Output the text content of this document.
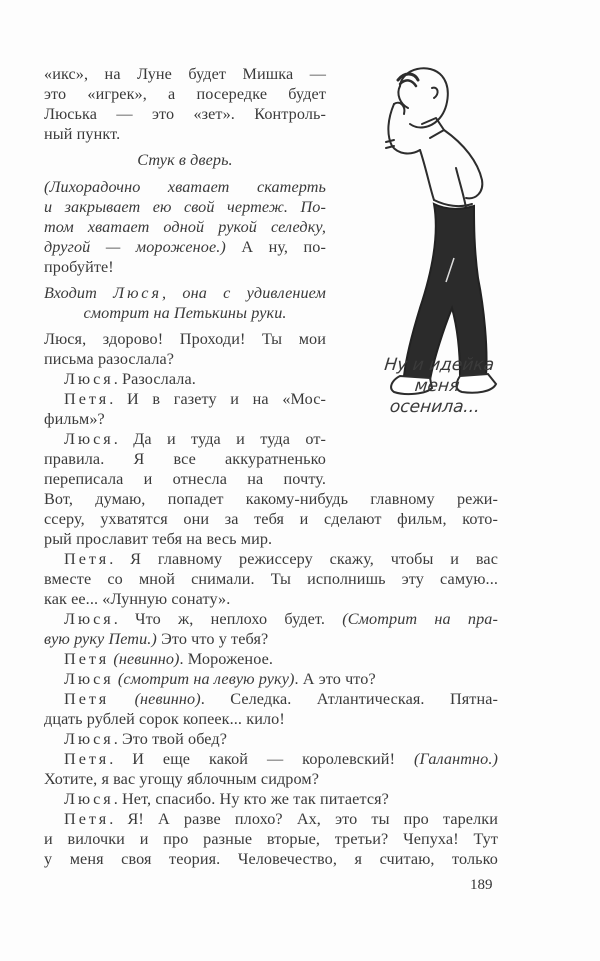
«икс», на Луне будет Мишка —
это «игрек», а посередке будет
Люська — это «зет». Контроль-
ный пункт.
Стук в дверь.
(Лихорадочно хватает скатерть
и закрывает ею свой чертеж. По-
том хватает одной рукой селедку,
другой — мороженое.) А ну, по-
пробуйте!
Входит Люся, она с удивлением
смотрит на Петькины руки.
Люся, здорово! Проходи! Ты мои
письма разослала?
Люся. Разослала.
Петя. И в газету и на «Мос-
фильм»?
Люся. Да и туда и туда от-
правила. Я все аккуратненько
переписала и отнесла на почту.
Вот, думаю, попадет какому-нибудь главному режи-
ссеру, ухватятся они за тебя и сделают фильм, кото-
рый прославит тебя на весь мир.
Петя. Я главному режиссеру скажу, чтобы и вас
вместе со мной снимали. Ты исполнишь эту самую...
как ее... «Лунную сонату».
Люся. Что ж, неплохо будет. (Смотрит на пра-
вую руку Пети.) Это что у тебя?
Петя (невинно). Мороженое.
Люся (смотрит на левую руку). А это что?
Петя (невинно). Селедка. Атлантическая. Пятна-
дцать рублей сорок копеек... кило!
Люся. Это твой обед?
Петя. И еще какой — королевский! (Галантно.)
Хотите, я вас угощу яблочным сидром?
Люся. Нет, спасибо. Ну кто же так питается?
Петя. Я! А разве плохо? Ах, это ты про тарелки
и вилочки и про разные вторые, третьи? Чепуха! Тут
у меня своя теория. Человечество, я считаю, только
189
Ну и идейка
меня
осенила...
